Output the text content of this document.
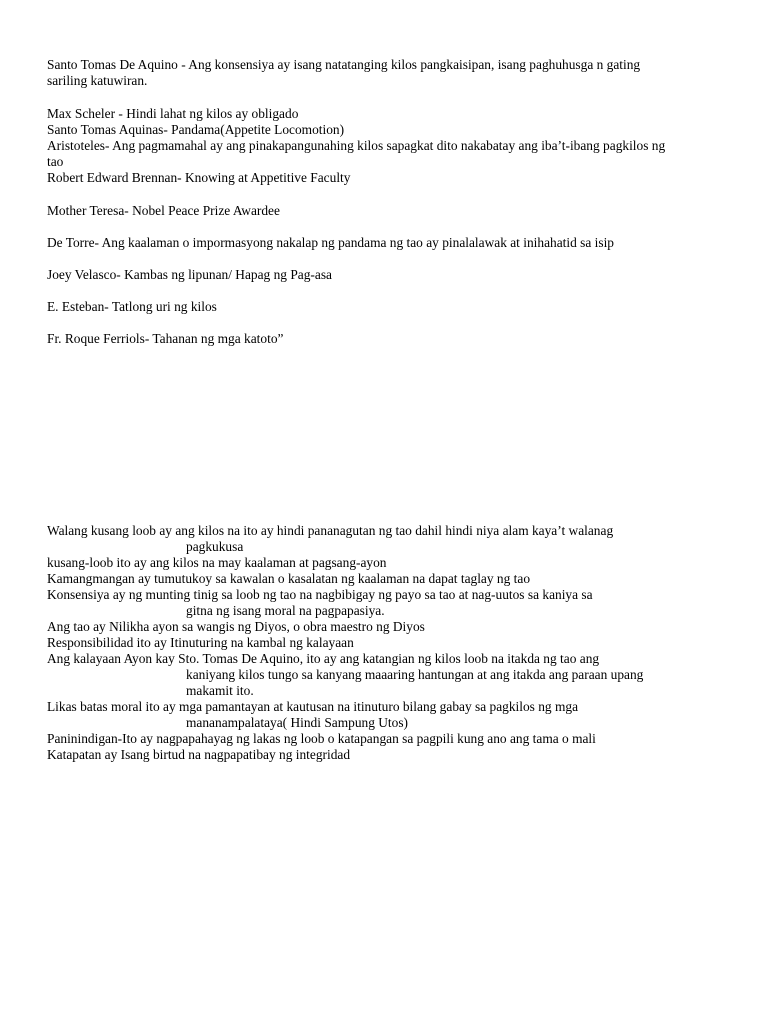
Santo Tomas De Aquino - Ang konsensiya ay isang natatanging kilos pangkaisipan, isang paghuhusga n gating
sariling katuwiran.
Max Scheler - Hindi lahat ng kilos ay obligado
Santo Tomas Aquinas- Pandama(Appetite Locomotion)
Aristoteles- Ang pagmamahal ay ang pinakapangunahing kilos sapagkat dito nakabatay ang iba’t-ibang pagkilos ng
tao
Robert Edward Brennan- Knowing at Appetitive Faculty
Mother Teresa- Nobel Peace Prize Awardee
De Torre- Ang kaalaman o impormasyong nakalap ng pandama ng tao ay pinalalawak at inihahatid sa isip
Joey Velasco- Kambas ng lipunan/ Hapag ng Pag-asa
E. Esteban- Tatlong uri ng kilos
Fr. Roque Ferriols- Tahanan ng mga katoto”
Walang kusang loob ay ang kilos na ito ay hindi pananagutan ng tao dahil hindi niya alam kaya’t walanag

pagkukusa
kusang-loob ito ay ang kilos na may kaalaman at pagsang-ayon
Kamangmangan ay tumutukoy sa kawalan o kasalatan ng kaalaman na dapat taglay ng tao
Konsensiya ay ng munting tinig sa loob ng tao na nagbibigay ng payo sa tao at nag-uutos sa kaniya sa

gitna ng isang moral na pagpapasiya.
Ang tao ay Nilikha ayon sa wangis ng Diyos, o obra maestro ng Diyos
Responsibilidad ito ay Itinuturing na kambal ng kalayaan
Ang kalayaan Ayon kay Sto. Tomas De Aquino, ito ay ang katangian ng kilos loob na itakda ng tao ang

kaniyang kilos tungo sa kanyang maaaring hantungan at ang itakda ang paraan upang
makamit ito.
Likas batas moral ito ay mga pamantayan at kautusan na itinuturo bilang gabay sa pagkilos ng mga

mananampalataya( Hindi Sampung Utos)
Paninindigan-Ito ay nagpapahayag ng lakas ng loob o katapangan sa pagpili kung ano ang tama o mali
Katapatan ay Isang birtud na nagpapatibay ng integridad
